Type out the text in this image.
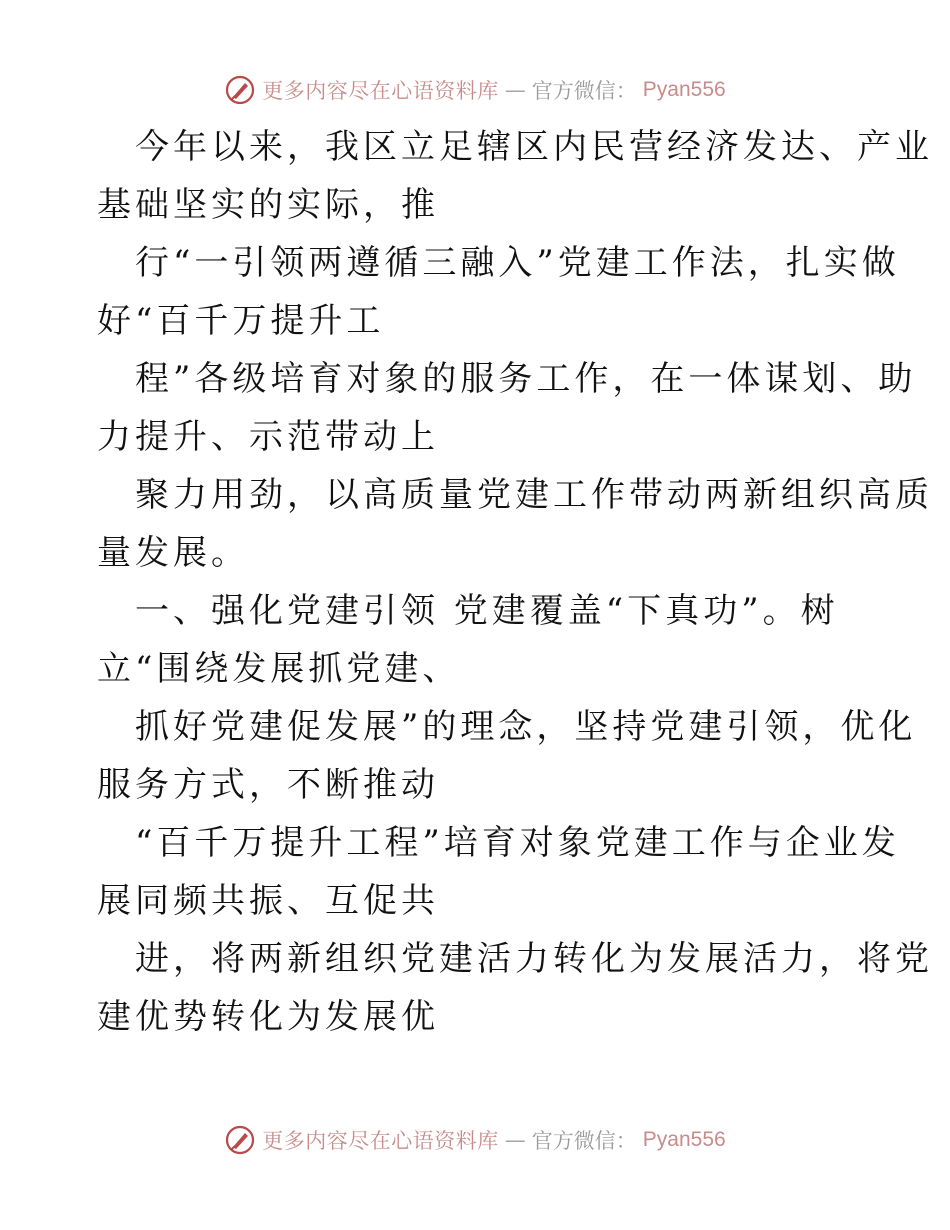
更多内容尽在心语资料库 — 官方微信： Pyan556
今年以来，我区立足辖区内民营经济发达、产业
基础坚实的实际，推
行“一引领两遵循三融入”党建工作法，扎实做
好“百千万提升工
程”各级培育对象的服务工作，在一体谋划、助
力提升、示范带动上
聚力用劲，以高质量党建工作带动两新组织高质
量发展。
一、强化党建引领 党建覆盖“下真功”。树
立“围绕发展抓党建、
抓好党建促发展”的理念，坚持党建引领，优化
服务方式，不断推动
“百千万提升工程”培育对象党建工作与企业发
展同频共振、互促共
进，将两新组织党建活力转化为发展活力，将党
建优势转化为发展优
更多内容尽在心语资料库 — 官方微信： Pyan556
